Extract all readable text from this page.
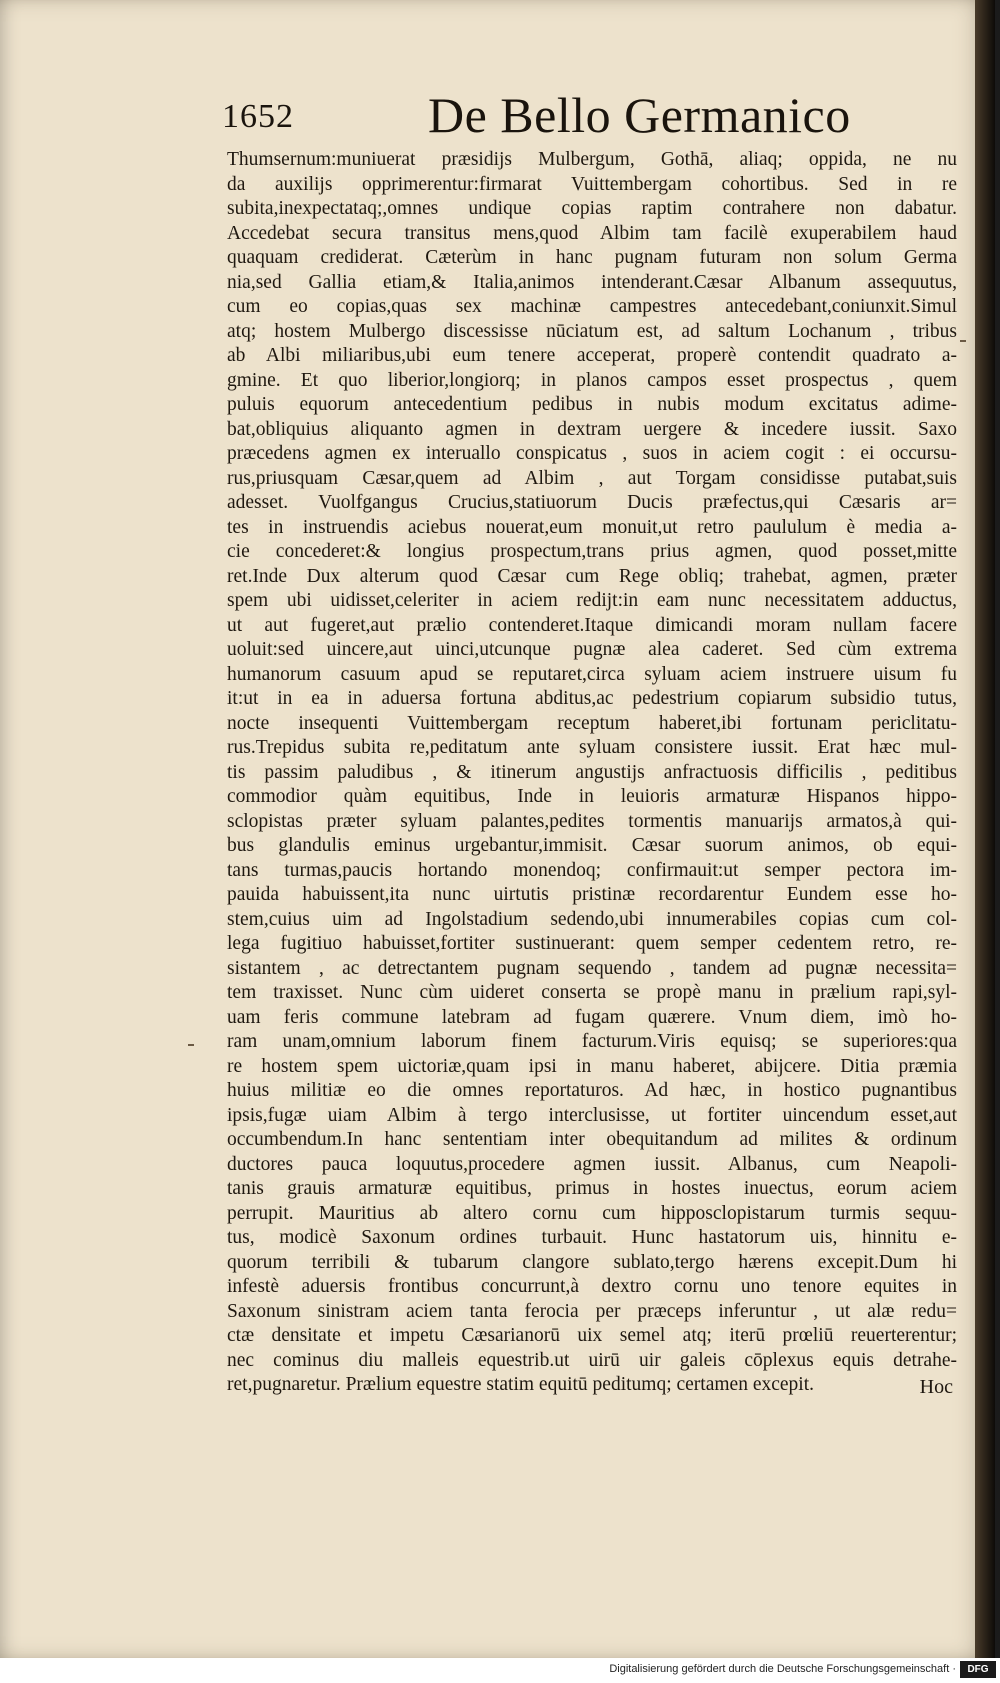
1652	De Bello Germanico
Thumsernum:muniuerat præsidijs Mulbergum, Gothā, aliaq; oppida, ne nu
da auxilijs opprimerentur:firmarat Vuittembergam cohortibus. Sed in re
subita,inexpectataq;,omnes undique copias raptim contrahere non dabatur.
Accedebat secura transitus mens,quod Albim tam facilè exuperabilem haud
quaquam crediderat. Cæterùm in hanc pugnam futuram non solum Germa
nia,sed Gallia etiam,& Italia,animos intenderant.Cæsar Albanum assequutus,
cum eo copias,quas sex machinæ campestres antecedebant,coniunxit.Simul
atq; hostem Mulbergo discessisse nūciatum est, ad saltum Lochanum , tribus
ab Albi miliaribus,ubi eum tenere acceperat, properè contendit quadrato a-
gmine. Et quo liberior,longiorq; in planos campos esset prospectus , quem
puluis equorum antecedentium pedibus in nubis modum excitatus adime-
bat,obliquius aliquanto agmen in dextram uergere & incedere iussit. Saxo
præcedens agmen ex interuallo conspicatus , suos in aciem cogit : ei occursu-
rus,priusquam Cæsar,quem ad Albim , aut Torgam considisse putabat,suis
adesset. Vuolfgangus Crucius,statiuorum Ducis præfectus,qui Cæsaris ar=
tes in instruendis aciebus nouerat,eum monuit,ut retro paululum è media a-
cie concederet:& longius prospectum,trans prius agmen, quod posset,mitte
ret.Inde Dux alterum quod Cæsar cum Rege obliq; trahebat, agmen, præter
spem ubi uidisset,celeriter in aciem redijt:in eam nunc necessitatem adductus,
ut aut fugeret,aut prælio contenderet.Itaque dimicandi moram nullam facere
uoluit:sed uincere,aut uinci,utcunque pugnæ alea caderet. Sed cùm extrema
humanorum casuum apud se reputaret,circa syluam aciem instruere uisum fu
it:ut in ea in aduersa fortuna abditus,ac pedestrium copiarum subsidio tutus,
nocte insequenti Vuittembergam receptum haberet,ibi fortunam periclitatu-
rus.Trepidus subita re,peditatum ante syluam consistere iussit. Erat hæc mul-
tis passim paludibus , & itinerum angustijs anfractuosis difficilis , peditibus
commodior quàm equitibus, Inde in leuioris armaturæ Hispanos hippo-
sclopistas præter syluam palantes,pedites tormentis manuarijs armatos,à qui-
bus glandulis eminus urgebantur,immisit. Cæsar suorum animos, ob equi-
tans turmas,paucis hortando monendoq; confirmauit:ut semper pectora im-
pauida habuissent,ita nunc uirtutis pristinæ recordarentur Eundem esse ho-
stem,cuius uim ad Ingolstadium sedendo,ubi innumerabiles copias cum col-
lega fugitiuo habuisset,fortiter sustinuerant: quem semper cedentem retro, re-
sistantem , ac detrectantem pugnam sequendo , tandem ad pugnæ necessita=
tem traxisset. Nunc cùm uideret conserta se propè manu in prælium rapi,syl-
uam feris commune latebram ad fugam quærere. Vnum diem, imò ho-
ram unam,omnium laborum finem facturum.Viris equisq; se superiores:qua
re hostem spem uictoriæ,quam ipsi in manu haberet, abijcere. Ditia præmia
huius militiæ eo die omnes reportaturos. Ad hæc, in hostico pugnantibus
ipsis,fugæ uiam Albim à tergo interclusisse, ut fortiter uincendum esset,aut
occumbendum.In hanc sententiam inter obequitandum ad milites & ordinum
ductores pauca loquutus,procedere agmen iussit. Albanus, cum Neapoli-
tanis grauis armaturæ equitibus, primus in hostes inuectus, eorum aciem
perrupit. Mauritius ab altero cornu cum hipposclopistarum turmis sequu-
tus, modicè Saxonum ordines turbauit. Hunc hastatorum uis, hinnitu e-
quorum terribili & tubarum clangore sublato,tergo hærens excepit.Dum hi
infestè aduersis frontibus concurrunt,à dextro cornu uno tenore equites in
Saxonum sinistram aciem tanta ferocia per præceps inferuntur , ut alæ redu=
ctæ densitate et impetu Cæsarianorū uix semel atq; iterū prœliū reuerterentur;
nec cominus diu malleis equestrib.ut uirū uir galeis cōplexus equis detrahe-
ret,pugnaretur. Prælium equestre statim equitū peditumq; certamen excepit.	Hoc
Digitalisierung gefördert durch die Deutsche Forschungsgemeinschaft ·	DFG
